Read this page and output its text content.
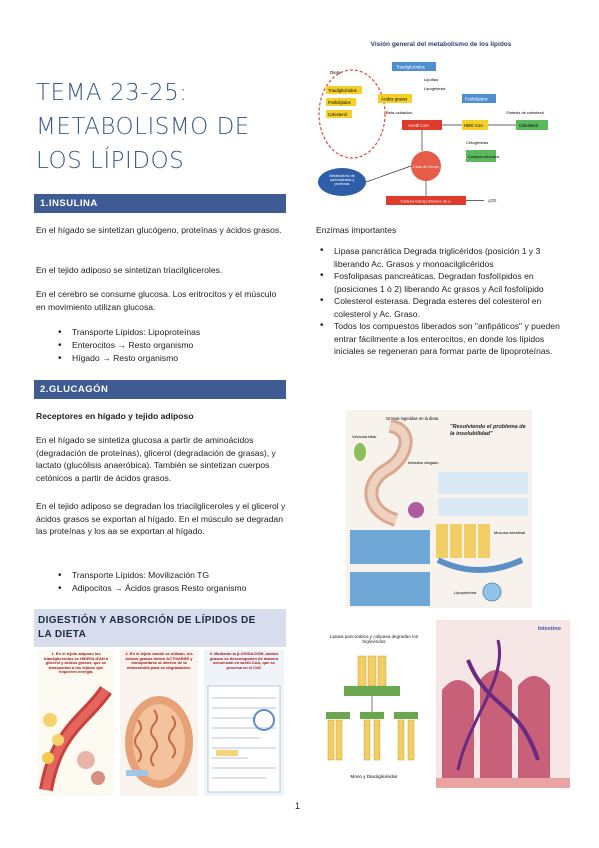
TEMA 23-25:
METABOLISMO DE
LOS LÍPIDOS
1.INSULINA
En el hígado se sintetizan glucógeno, proteínas y ácidos grasos.
En el tejido adiposo se sintetizan triacilgliceroles.
En el cerebro se consume glucosa. Los eritrocitos y el músculo en movimiento utilizan glucosa.
• Transporte Lípidos: Lipoproteínas
• Enterocitos → Resto organismo
• Hígado → Resto organismo
2.GLUCAGÓN
Receptores en hígado y tejido adiposo
En el hígado se sintetiza glucosa a partir de aminoácidos (degradación de proteínas), glicerol (degradación de grasas), y lactato (glucólisis anaeróbica). También se sintetizan cuerpos cetónicos a partir de ácidos grasos.
En el tejido adiposo se degradan los triacilgliceroles y el glicerol y ácidos grasos se exportan al hígado. En el músculo se degradan las proteínas y los aa se exportan al hígado.
• Transporte Lípidos: Movilización TG
• Adipocitos → Ácidos grasos Resto organismo
DIGESTIÓN Y ABSORCIÓN DE LÍPIDOS DE
LA DIETA
1. En el tejido adiposo los triacilglicéridos se HIDROLIZAN a glicerol y ácidos grasos, que se transportan a los tejidos que requieren energía.
2. En el tejido donde se utilizan, los ácidos grasos deben ACTIVARSE y transportarse al interior de la mitocondria para su degradación.
3. Mediante la β-OXIDACIÓN, ácidos grasos se descomponen de manera secuencial en acetil-CoA, que se procesa en el CdC
Visión general del metabolismo de los lípidos
Dieta
Triacilglicéridos
Fosfolípidos
Colesterol
Triacilglicéridos
Ácidos grasos	Fosfolípidos
Lipólisis
Lipogénesis
Beta-oxidación
Acetil CoA	HMG CoA	Colesterol
Síntesis de colesterol
Cuerpos cetónicos
Cetogénesis
Ciclo de Krebs
Metabolismo de carbohidratos y proteínas
Cadena transportadora de e-	ATP
Enzimas importantes
• Lipasa pancrática Degrada triglicéridos (posición 1 y 3 liberando Ac. Grasos y monoacilglicéridos
• Fosfolipasas pancreáticas. Degradan fosfolípidos en (posiciones 1 ó 2) liberando Ac grasos y Acil fosfolípido
• Colesterol esterasa. Degrada esteres del colesterol en colesterol y Ac. Graso.
• Todos los compuestos liberados son "anfipáticos" y pueden entrar fácilmente a los enterocitos, en donde los lípidos iniciales se regeneran para formar parte de lipoproteínas.
Grasas ingeridas en la dieta
"Resolviendo el problema de la insolubilidad"
Vesícula biliar
Intestino delgado
Mucosa intestinal
Lipoproteína
Lipasa pancreática y colipasa degradan los triglicéridos
Mono y Diacilglicéridos
Intestino
1
